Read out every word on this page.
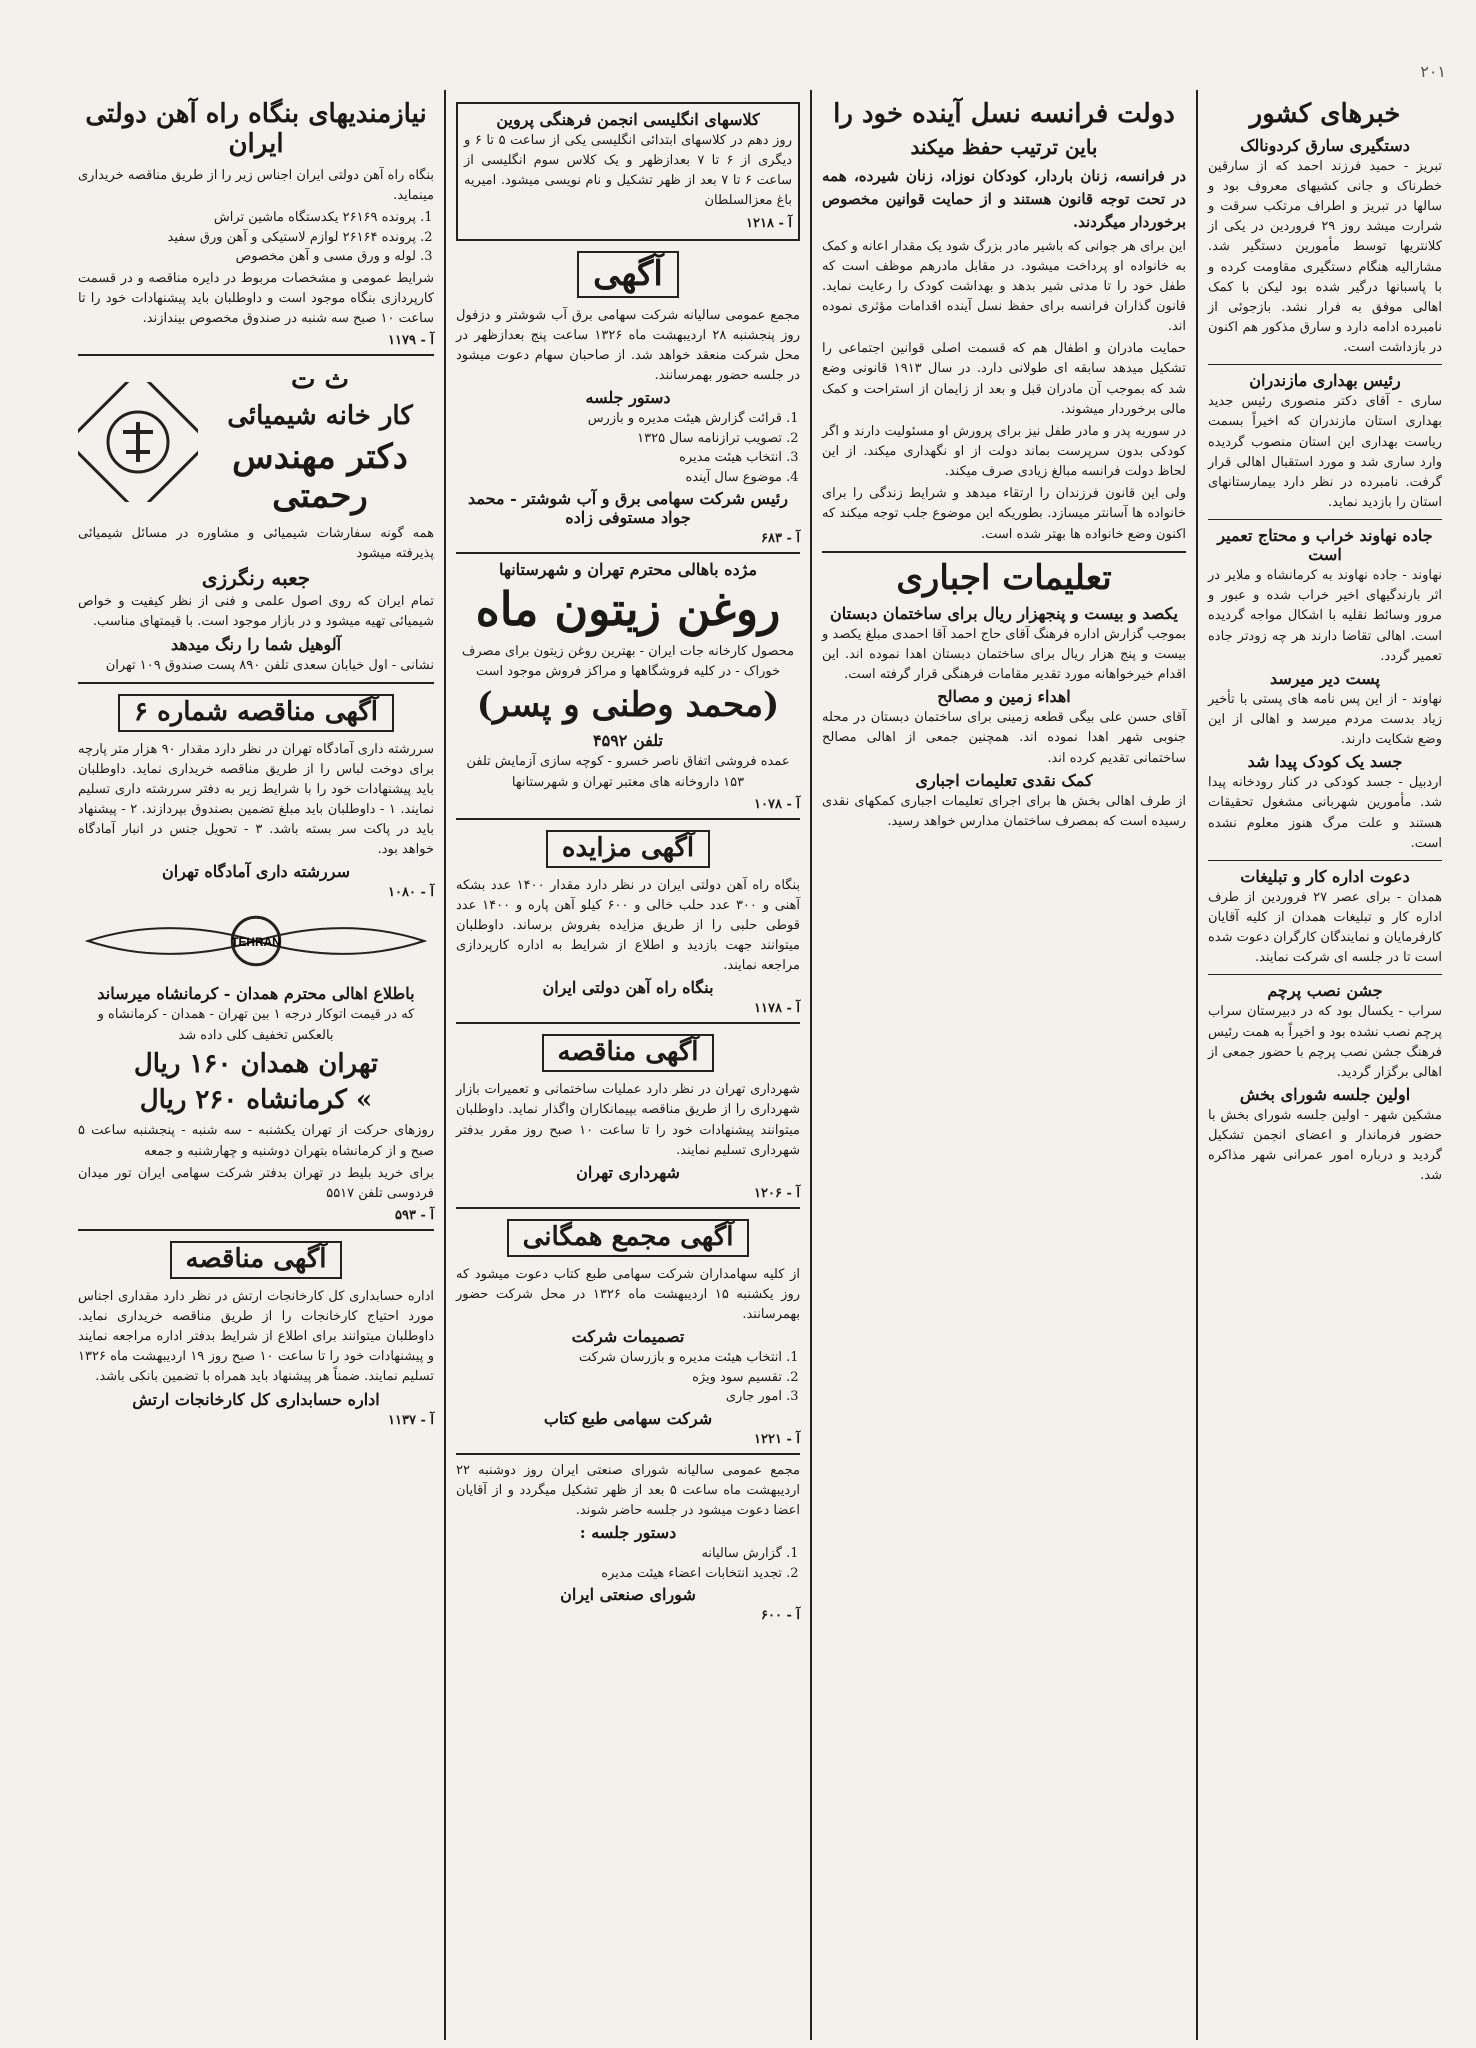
۲۰۱
خبرهای کشور
دستگیری سارق کردونالک
تبریز - حمید فرزند احمد که از سارقین خطرناک و جانی کشیهای معروف بود و سالها در تبریز و اطراف مرتکب سرقت و شرارت میشد روز ۲۹ فروردین در یکی از کلانتریها توسط مأمورین دستگیر شد. مشارالیه هنگام دستگیری مقاومت کرده و با پاسبانها درگیر شده بود لیکن با کمک اهالی موفق به فرار نشد. بازجوئی از نامبرده ادامه دارد و سارق مذکور هم اکنون در بازداشت است.
رئیس بهداری مازندران
ساری - آقای دکتر منصوری رئیس جدید بهداری استان مازندران که اخیراً بسمت ریاست بهداری این استان منصوب گردیده وارد ساری شد و مورد استقبال اهالی قرار گرفت. نامبرده در نظر دارد بیمارستانهای استان را بازدید نماید.
جاده نهاوند خراب و محتاج تعمیر است
نهاوند - جاده نهاوند به کرمانشاه و ملایر در اثر بارندگیهای اخیر خراب شده و عبور و مرور وسائط نقلیه با اشکال مواجه گردیده است. اهالی تقاضا دارند هر چه زودتر جاده تعمیر گردد.
پست دیر میرسد
نهاوند - از این پس نامه های پستی با تأخیر زیاد بدست مردم میرسد و اهالی از این وضع شکایت دارند.
جسد یک کودک پیدا شد
اردبیل - جسد کودکی در کنار رودخانه پیدا شد. مأمورین شهربانی مشغول تحقیقات هستند و علت مرگ هنوز معلوم نشده است.
دعوت اداره کار و تبلیغات
همدان - برای عصر ۲۷ فروردین از طرف اداره کار و تبلیغات همدان از کلیه آقایان کارفرمایان و نمایندگان کارگران دعوت شده است تا در جلسه ای شرکت نمایند.
جشن نصب پرچم
سراب - یکسال بود که در دبیرستان سراب پرچم نصب نشده بود و اخیراً به همت رئیس فرهنگ جشن نصب پرچم با حضور جمعی از اهالی برگزار گردید.
اولین جلسه شورای بخش
مشکین شهر - اولین جلسه شورای بخش با حضور فرماندار و اعضای انجمن تشکیل گردید و درباره امور عمرانی شهر مذاکره شد.
دولت فرانسه نسل آینده خود را
باین ترتیب حفظ میکند
در فرانسه، زنان باردار، کودکان نوزاد، زنان شیرده، همه در تحت توجه قانون هستند و از حمایت قوانین مخصوص برخوردار میگردند.
این برای هر جوانی که باشیر مادر بزرگ شود یک مقدار اعانه و کمک به خانواده او پرداخت میشود. در مقابل مادرهم موظف است که طفل خود را تا مدتی شیر بدهد و بهداشت کودک را رعایت نماید. قانون گذاران فرانسه برای حفظ نسل آینده اقدامات مؤثری نموده اند.
حمایت مادران و اطفال هم که قسمت اصلی قوانین اجتماعی را تشکیل میدهد سابقه ای طولانی دارد. در سال ۱۹۱۳ قانونی وضع شد که بموجب آن مادران قبل و بعد از زایمان از استراحت و کمک مالی برخوردار میشوند.
در سوریه پدر و مادر طفل نیز برای پرورش او مسئولیت دارند و اگر کودکی بدون سرپرست بماند دولت از او نگهداری میکند. از این لحاظ دولت فرانسه مبالغ زیادی صرف میکند.
ولی این قانون فرزندان را ارتقاء میدهد و شرایط زندگی را برای خانواده ها آسانتر میسازد. بطوریکه این موضوع جلب توجه میکند که اکنون وضع خانواده ها بهتر شده است.
تعلیمات اجباری
یکصد و بیست و پنجهزار ریال برای ساختمان دبستان
بموجب گزارش اداره فرهنگ آقای حاج احمد آقا احمدی مبلغ یکصد و بیست و پنج هزار ریال برای ساختمان دبستان اهدا نموده اند. این اقدام خیرخواهانه مورد تقدیر مقامات فرهنگی قرار گرفته است.
اهداء زمین و مصالح
آقای حسن علی بیگی قطعه زمینی برای ساختمان دبستان در محله جنوبی شهر اهدا نموده اند. همچنین جمعی از اهالی مصالح ساختمانی تقدیم کرده اند.
کمک نقدی تعلیمات اجباری
از طرف اهالی بخش ها برای اجرای تعلیمات اجباری کمکهای نقدی رسیده است که بمصرف ساختمان مدارس خواهد رسید.
کلاسهای انگلیسی انجمن فرهنگی پروین
روز دهم در کلاسهای ابتدائی انگلیسی یکی از ساعت ۵ تا ۶ و دیگری از ۶ تا ۷ بعدازظهر و یک کلاس سوم انگلیسی از ساعت ۶ تا ۷ بعد از ظهر تشکیل و نام نویسی میشود. امیریه باغ معزالسلطان
آ - ۱۲۱۸
آگهی
مجمع عمومی سالیانه شرکت سهامی برق آب شوشتر و دزفول روز پنجشنبه ۲۸ اردیبهشت ماه ۱۳۲۶ ساعت پنج بعدازظهر در محل شرکت منعقد خواهد شد. از صاحبان سهام دعوت میشود در جلسه حضور بهمرسانند.
دستور جلسه
1. قرائت گزارش هیئت مدیره و بازرس
2. تصویب ترازنامه سال ۱۳۲۵
3. انتخاب هیئت مدیره
4. موضوع سال آینده
رئیس شرکت سهامی برق و آب شوشتر - محمد جواد مستوفی زاده
آ - ۶۸۳
مژده باهالی محترم تهران و شهرستانها
روغن زیتون ماه
محصول کارخانه جات ایران - بهترین روغن زیتون برای مصرف خوراک - در کلیه فروشگاهها و مراکز فروش موجود است
(محمد وطنی و پسر)
تلفن ۴۵۹۲
عمده فروشی اتفاق ناصر خسرو - کوچه سازی آزمایش تلفن ۱۵۳ داروخانه های معتبر تهران و شهرستانها
آ - ۱۰۷۸
آگهی مزایده
بنگاه راه آهن دولتی ایران در نظر دارد مقدار ۱۴۰۰ عدد بشکه آهنی و ۳۰۰ عدد حلب خالی و ۶۰۰ کیلو آهن پاره و ۱۴۰۰ عدد قوطی حلبی را از طریق مزایده بفروش برساند. داوطلبان میتوانند جهت بازدید و اطلاع از شرایط به اداره کارپردازی مراجعه نمایند.
بنگاه راه آهن دولتی ایران
آ - ۱۱۷۸
آگهی مناقصه
شهرداری تهران در نظر دارد عملیات ساختمانی و تعمیرات بازار شهرداری را از طریق مناقصه بپیمانکاران واگذار نماید. داوطلبان میتوانند پیشنهادات خود را تا ساعت ۱۰ صبح روز مقرر بدفتر شهرداری تسلیم نمایند.
شهرداری تهران
آ - ۱۲۰۶
آگهی مجمع همگانی
از کلیه سهامداران شرکت سهامی طبع کتاب دعوت میشود که روز یکشنبه ۱۵ اردیبهشت ماه ۱۳۲۶ در محل شرکت حضور بهمرسانند.
تصمیمات شرکت
1. انتخاب هیئت مدیره و بازرسان شرکت
2. تقسیم سود ویژه
3. امور جاری
شرکت سهامی طبع کتاب
آ - ۱۲۲۱
مجمع عمومی سالیانه شورای صنعتی ایران روز دوشنبه ۲۲ اردیبهشت ماه ساعت ۵ بعد از ظهر تشکیل میگردد و از آقایان اعضا دعوت میشود در جلسه حاضر شوند.
دستور جلسه :
1. گزارش سالیانه
2. تجدید انتخابات اعضاء هیئت مدیره
شورای صنعتی ایران
آ - ۶۰۰
نیازمندیهای بنگاه راه آهن دولتی ایران
بنگاه راه آهن دولتی ایران اجناس زیر را از طریق مناقصه خریداری مینماید.
1. پرونده ۲۶۱۶۹ یکدستگاه ماشین تراش
2. پرونده ۲۶۱۶۴ لوازم لاستیکی و آهن ورق سفید
3. لوله و ورق مسی و آهن مخصوص
شرایط عمومی و مشخصات مربوط در دایره مناقصه و در قسمت کارپردازی بنگاه موجود است و داوطلبان باید پیشنهادات خود را تا ساعت ۱۰ صبح سه شنبه در صندوق مخصوص بیندازند.
آ - ۱۱۷۹
ث ت
کار خانه شیمیائی
دکتر مهندس رحمتی
همه گونه سفارشات شیمیائی و مشاوره در مسائل شیمیائی پذیرفته میشود
جعبه رنگرزی
تمام ایران که روی اصول علمی و فنی از نظر کیفیت و خواص شیمیائی تهیه میشود و در بازار موجود است. با قیمتهای مناسب.
آلوهیل شما را رنگ میدهد
نشانی - اول خیابان سعدی تلفن ۸۹۰ پست صندوق ۱۰۹ تهران
آگهی مناقصه شماره ۶
سررشته داری آمادگاه تهران در نظر دارد مقدار ۹۰ هزار متر پارچه برای دوخت لباس را از طریق مناقصه خریداری نماید. داوطلبان باید پیشنهادات خود را با شرایط زیر به دفتر سررشته داری تسلیم نمایند. ۱ - داوطلبان باید مبلغ تضمین بصندوق بپردازند. ۲ - پیشنهاد باید در پاکت سر بسته باشد. ۳ - تحویل جنس در انبار آمادگاه خواهد بود.
سررشته داری آمادگاه تهران
آ - ۱۰۸۰
TEHRAN
باطلاع اهالی محترم همدان - کرمانشاه میرساند
که در قیمت اتوکار درجه ۱ بین تهران - همدان - کرمانشاه و بالعکس تخفیف کلی داده شد
تهران همدان ۱۶۰ ریال
» کرمانشاه ۲۶۰ ریال
روزهای حرکت از تهران یکشنبه - سه شنبه - پنجشنبه ساعت ۵ صبح و از کرمانشاه بتهران دوشنبه و چهارشنبه و جمعه
برای خرید بلیط در تهران بدفتر شرکت سهامی ایران تور میدان فردوسی تلفن ۵۵۱۷
آ - ۵۹۳
آگهی مناقصه
اداره حسابداری کل کارخانجات ارتش در نظر دارد مقداری اجناس مورد احتیاج کارخانجات را از طریق مناقصه خریداری نماید. داوطلبان میتوانند برای اطلاع از شرایط بدفتر اداره مراجعه نمایند و پیشنهادات خود را تا ساعت ۱۰ صبح روز ۱۹ اردیبهشت ماه ۱۳۲۶ تسلیم نمایند. ضمناً هر پیشنهاد باید همراه با تضمین بانکی باشد.
اداره حسابداری کل کارخانجات ارتش
آ - ۱۱۳۷
